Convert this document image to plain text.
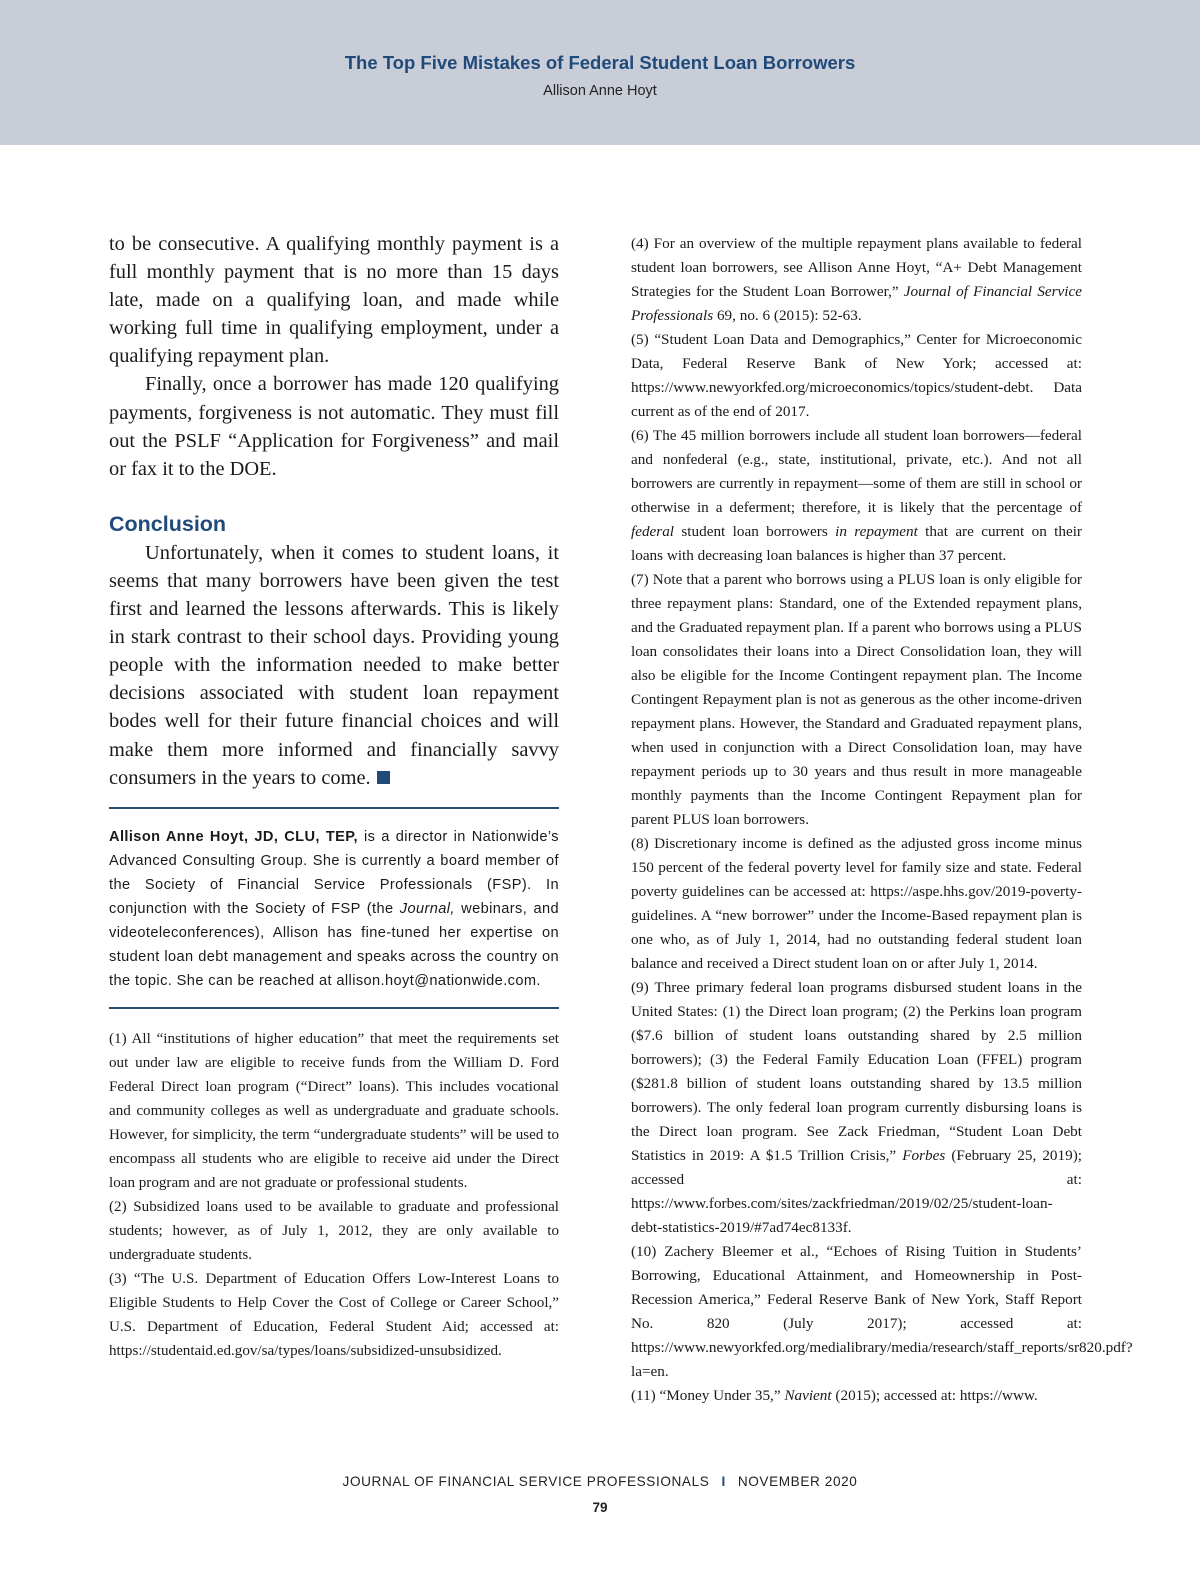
The Top Five Mistakes of Federal Student Loan Borrowers
Allison Anne Hoyt

to be consecutive. A qualifying monthly payment is a full monthly payment that is no more than 15 days late, made on a qualifying loan, and made while working full time in qualifying employment, under a qualifying repayment plan.

Finally, once a borrower has made 120 qualifying payments, forgiveness is not automatic. They must fill out the PSLF “Application for Forgiveness” and mail or fax it to the DOE.

Conclusion

Unfortunately, when it comes to student loans, it seems that many borrowers have been given the test first and learned the lessons afterwards. This is likely in stark contrast to their school days. Providing young people with the information needed to make better decisions associated with student loan repayment bodes well for their future financial choices and will make them more informed and financially savvy consumers in the years to come.

Allison Anne Hoyt, JD, CLU, TEP, is a director in Nationwide’s Advanced Consulting Group. She is currently a board member of the Society of Financial Service Professionals (FSP). In conjunction with the Society of FSP (the Journal, webinars, and videoteleconferences), Allison has fine-tuned her expertise on student loan debt management and speaks across the country on the topic. She can be reached at allison.hoyt@nationwide.com.

(1) All “institutions of higher education” that meet the requirements set out under law are eligible to receive funds from the William D. Ford Federal Direct loan program (“Direct” loans). This includes vocational and community colleges as well as undergraduate and graduate schools. However, for simplicity, the term “undergraduate students” will be used to encompass all students who are eligible to receive aid under the Direct loan program and are not graduate or professional students.

(2) Subsidized loans used to be available to graduate and professional students; however, as of July 1, 2012, they are only available to undergraduate students.

(3) “The U.S. Department of Education Offers Low-Interest Loans to Eligible Students to Help Cover the Cost of College or Career School,” U.S. Department of Education, Federal Student Aid; accessed at: https://studentaid.ed.gov/sa/types/loans/subsidized-unsubsidized.

(4) For an overview of the multiple repayment plans available to federal student loan borrowers, see Allison Anne Hoyt, “A+ Debt Management Strategies for the Student Loan Borrower,” Journal of Financial Service Professionals 69, no. 6 (2015): 52-63.

(5) “Student Loan Data and Demographics,” Center for Microeconomic Data, Federal Reserve Bank of New York; accessed at: https://www.newyorkfed.org/microeconomics/topics/student-debt. Data current as of the end of 2017.

(6) The 45 million borrowers include all student loan borrowers—federal and nonfederal (e.g., state, institutional, private, etc.). And not all borrowers are currently in repayment—some of them are still in school or otherwise in a deferment; therefore, it is likely that the percentage of federal student loan borrowers in repayment that are current on their loans with decreasing loan balances is higher than 37 percent.

(7) Note that a parent who borrows using a PLUS loan is only eligible for three repayment plans: Standard, one of the Extended repayment plans, and the Graduated repayment plan. If a parent who borrows using a PLUS loan consolidates their loans into a Direct Consolidation loan, they will also be eligible for the Income Contingent repayment plan. The Income Contingent Repayment plan is not as generous as the other income-driven repayment plans. However, the Standard and Graduated repayment plans, when used in conjunction with a Direct Consolidation loan, may have repayment periods up to 30 years and thus result in more manageable monthly payments than the Income Contingent Repayment plan for parent PLUS loan borrowers.

(8) Discretionary income is defined as the adjusted gross income minus 150 percent of the federal poverty level for family size and state. Federal poverty guidelines can be accessed at: https://aspe.hhs.gov/2019-poverty-guidelines. A “new borrower” under the Income-Based repayment plan is one who, as of July 1, 2014, had no outstanding federal student loan balance and received a Direct student loan on or after July 1, 2014.

(9) Three primary federal loan programs disbursed student loans in the United States: (1) the Direct loan program; (2) the Perkins loan program ($7.6 billion of student loans outstanding shared by 2.5 million borrowers); (3) the Federal Family Education Loan (FFEL) program ($281.8 billion of student loans outstanding shared by 13.5 million borrowers). The only federal loan program currently disbursing loans is the Direct loan program. See Zack Friedman, “Student Loan Debt Statistics in 2019: A $1.5 Trillion Crisis,” Forbes (February 25, 2019); accessed at: https://www.forbes.com/sites/zackfriedman/2019/02/25/student-loan-debt-statistics-2019/#7ad74ec8133f.

(10) Zachery Bleemer et al., “Echoes of Rising Tuition in Students’ Borrowing, Educational Attainment, and Homeownership in Post-Recession America,” Federal Reserve Bank of New York, Staff Report No. 820 (July 2017); accessed at: https://www.newyorkfed.org/medialibrary/media/research/staff_reports/sr820.pdf?la=en.

(11) “Money Under 35,” Navient (2015); accessed at: https://www.

JOURNAL OF FINANCIAL SERVICE PROFESSIONALS I NOVEMBER 2020
79
